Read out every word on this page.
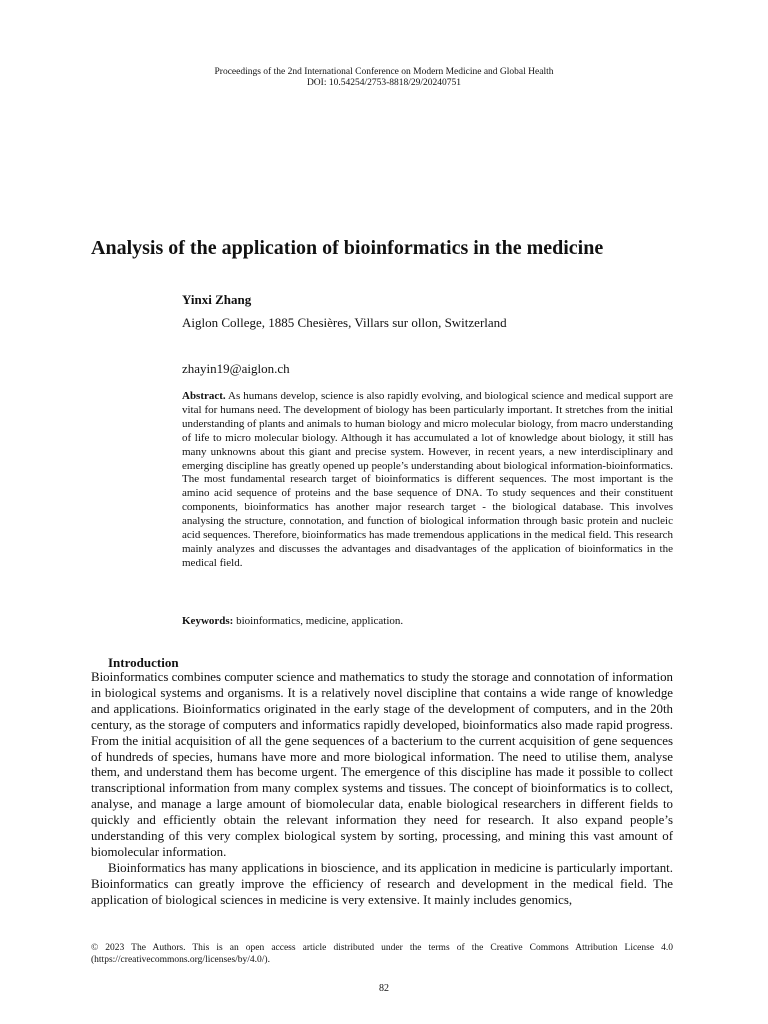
Proceedings of the 2nd International Conference on Modern Medicine and Global Health
DOI: 10.54254/2753-8818/29/20240751
Analysis of the application of bioinformatics in the medicine
Yinxi Zhang
Aiglon College, 1885 Chesières, Villars sur ollon, Switzerland
zhayin19@aiglon.ch

Abstract. As humans develop, science is also rapidly evolving, and biological science and medical support are vital for humans need. The development of biology has been particularly important. It stretches from the initial understanding of plants and animals to human biology and micro molecular biology, from macro understanding of life to micro molecular biology. Although it has accumulated a lot of knowledge about biology, it still has many unknowns about this giant and precise system. However, in recent years, a new interdisciplinary and emerging discipline has greatly opened up people’s understanding about biological information-bioinformatics. The most fundamental research target of bioinformatics is different sequences. The most important is the amino acid sequence of proteins and the base sequence of DNA. To study sequences and their constituent components, bioinformatics has another major research target - the biological database. This involves analysing the structure, connotation, and function of biological information through basic protein and nucleic acid sequences. Therefore, bioinformatics has made tremendous applications in the medical field. This research mainly analyzes and discusses the advantages and disadvantages of the application of bioinformatics in the medical field.

Keywords: bioinformatics, medicine, application.

Introduction

Bioinformatics combines computer science and mathematics to study the storage and connotation of information in biological systems and organisms. It is a relatively novel discipline that contains a wide range of knowledge and applications. Bioinformatics originated in the early stage of the development of computers, and in the 20th century, as the storage of computers and informatics rapidly developed, bioinformatics also made rapid progress. From the initial acquisition of all the gene sequences of a bacterium to the current acquisition of gene sequences of hundreds of species, humans have more and more biological information. The need to utilise them, analyse them, and understand them has become urgent. The emergence of this discipline has made it possible to collect transcriptional information from many complex systems and tissues. The concept of bioinformatics is to collect, analyse, and manage a large amount of biomolecular data, enable biological researchers in different fields to quickly and efficiently obtain the relevant information they need for research. It also expand people’s understanding of this very complex biological system by sorting, processing, and mining this vast amount of biomolecular information.

Bioinformatics has many applications in bioscience, and its application in medicine is particularly important. Bioinformatics can greatly improve the efficiency of research and development in the medical field. The application of biological sciences in medicine is very extensive. It mainly includes genomics,

© 2023 The Authors. This is an open access article distributed under the terms of the Creative Commons Attribution License 4.0 (https://creativecommons.org/licenses/by/4.0/).

82
